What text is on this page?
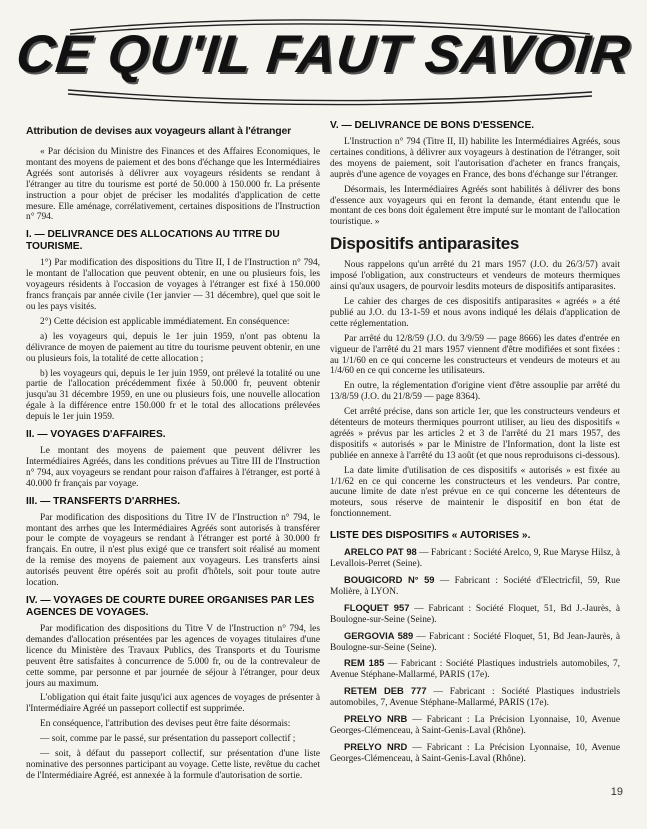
CE QU'IL FAUT SAVOIR
Attribution de devises aux voyageurs allant à l'étranger

« Par décision du Ministre des Finances et des Affaires Economiques, le montant des moyens de paiement et des bons d'échange que les Intermédiaires Agréés sont autorisés à délivrer aux voyageurs résidents se rendant à l'étranger au titre du tourisme est porté de 50.000 à 150.000 fr. La présente instruction a pour objet de préciser les modalités d'application de cette mesure. Elle aménage, corrélativement, certaines dispositions de l'Instruction n° 794.

I. — DELIVRANCE DES ALLOCATIONS AU TITRE DU TOURISME.

1°) Par modification des dispositions du Titre II, I de l'Instruction n° 794, le montant de l'allocation que peuvent obtenir, en une ou plusieurs fois, les voyageurs résidents à l'occasion de voyages à l'étranger est fixé à 150.000 francs français par année civile (1er janvier — 31 décembre), quel que soit le ou les pays visités.

2°) Cette décision est applicable immédiatement. En conséquence:

a) les voyageurs qui, depuis le 1er juin 1959, n'ont pas obtenu la délivrance de moyen de paiement au titre du tourisme peuvent obtenir, en une ou plusieurs fois, la totalité de cette allocation ;

b) les voyageurs qui, depuis le 1er juin 1959, ont prélevé la totalité ou une partie de l'allocation précédemment fixée à 50.000 fr, peuvent obtenir jusqu'au 31 décembre 1959, en une ou plusieurs fois, une nouvelle allocation égale à la différence entre 150.000 fr et le total des allocations prélevées depuis le 1er juin 1959.

II. — VOYAGES D'AFFAIRES.

Le montant des moyens de paiement que peuvent délivrer les Intermédiaires Agréés, dans les conditions prévues au Titre III de l'Instruction n° 794, aux voyageurs se rendant pour raison d'affaires à l'étranger, est porté à 40.000 fr français par voyage.

III. — TRANSFERTS D'ARRHES.

Par modification des dispositions du Titre IV de l'Instruction n° 794, le montant des arrhes que les Intermédiaires Agréés sont autorisés à transférer pour le compte de voyageurs se rendant à l'étranger est porté à 30.000 fr français. En outre, il n'est plus exigé que ce transfert soit réalisé au moment de la remise des moyens de paiement aux voyageurs. Les transferts ainsi autorisés peuvent être opérés soit au profit d'hôtels, soit pour toute autre location.

IV. — VOYAGES DE COURTE DUREE ORGANISES PAR LES AGENCES DE VOYAGES.

Par modification des dispositions du Titre V de l'Instruction n° 794, les demandes d'allocation présentées par les agences de voyages titulaires d'une licence du Ministère des Travaux Publics, des Transports et du Tourisme peuvent être satisfaites à concurrence de 5.000 fr, ou de la contrevaleur de cette somme, par personne et par journée de séjour à l'étranger, pour deux jours au maximum.

L'obligation qui était faite jusqu'ici aux agences de voyages de présenter à l'Intermédiaire Agréé un passeport collectif est supprimée.

En conséquence, l'attribution des devises peut être faite désormais:

— soit, comme par le passé, sur présentation du passeport collectif ;

— soit, à défaut du passeport collectif, sur présentation d'une liste nominative des personnes participant au voyage. Cette liste, revêtue du cachet de l'Intermédiaire Agréé, est annexée à la formule d'autorisation de sortie.

V. — DELIVRANCE DE BONS D'ESSENCE.

L'Instruction n° 794 (Titre II, II) habilite les Intermédiaires Agréés, sous certaines conditions, à délivrer aux voyageurs à destination de l'étranger, soit des moyens de paiement, soit l'autorisation d'acheter en francs français, auprès d'une agence de voyages en France, des bons d'échange sur l'étranger.

Désormais, les Intermédiaires Agréés sont habilités à délivrer des bons d'essence aux voyageurs qui en feront la demande, étant entendu que le montant de ces bons doit également être imputé sur le montant de l'allocation touristique. »

Dispositifs antiparasites

Nous rappelons qu'un arrêté du 21 mars 1957 (J.O. du 26/3/57) avait imposé l'obligation, aux constructeurs et vendeurs de moteurs thermiques ainsi qu'aux usagers, de pourvoir lesdits moteurs de dispositifs antiparasites.

Le cahier des charges de ces dispositifs antiparasites « agréés » a été publié au J.O. du 13-1-59 et nous avons indiqué les délais d'application de cette réglementation.

Par arrêté du 12/8/59 (J.O. du 3/9/59 — page 8666) les dates d'entrée en vigueur de l'arrêté du 21 mars 1957 viennent d'être modifiées et sont fixées : au 1/1/60 en ce qui concerne les constructeurs et vendeurs de moteurs et au 1/4/60 en ce qui concerne les utilisateurs.

En outre, la réglementation d'origine vient d'être assouplie par arrêté du 13/8/59 (J.O. du 21/8/59 — page 8364).

Cet arrêté précise, dans son article 1er, que les constructeurs vendeurs et détenteurs de moteurs thermiques pourront utiliser, au lieu des dispositifs « agréés » prévus par les articles 2 et 3 de l'arrêté du 21 mars 1957, des dispositifs « autorisés » par le Ministre de l'Information, dont la liste est publiée en annexe à l'arrêté du 13 août (et que nous reproduisons ci-dessous).

La date limite d'utilisation de ces dispositifs « autorisés » est fixée au 1/1/62 en ce qui concerne les constructeurs et les vendeurs. Par contre, aucune limite de date n'est prévue en ce qui concerne les détenteurs de moteurs, sous réserve de maintenir le dispositif en bon état de fonctionnement.

LISTE DES DISPOSITIFS « AUTORISES ».

ARELCO PAT 98 — Fabricant : Société Arelco, 9, Rue Maryse Hilsz, à Levallois-Perret (Seine).

BOUGICORD N° 59 — Fabricant : Société d'Electricfil, 59, Rue Molière, à LYON.

FLOQUET 957 — Fabricant : Société Floquet, 51, Bd J.-Jaurès, à Boulogne-sur-Seine (Seine).

GERGOVIA 589 — Fabricant : Société Floquet, 51, Bd Jean-Jaurès, à Boulogne-sur-Seine (Seine).

REM 185 — Fabricant : Société Plastiques industriels automobiles, 7, Avenue Stéphane-Mallarmé, PARIS (17e).

RETEM DEB 777 — Fabricant : Société Plastiques industriels automobiles, 7, Avenue Stéphane-Mallarmé, PARIS (17e).

PRELYO NRB — Fabricant : La Précision Lyonnaise, 10, Avenue Georges-Clémenceau, à Saint-Genis-Laval (Rhône).

PRELYO NRD — Fabricant : La Précision Lyonnaise, 10, Avenue Georges-Clémenceau, à Saint-Genis-Laval (Rhône).

19
